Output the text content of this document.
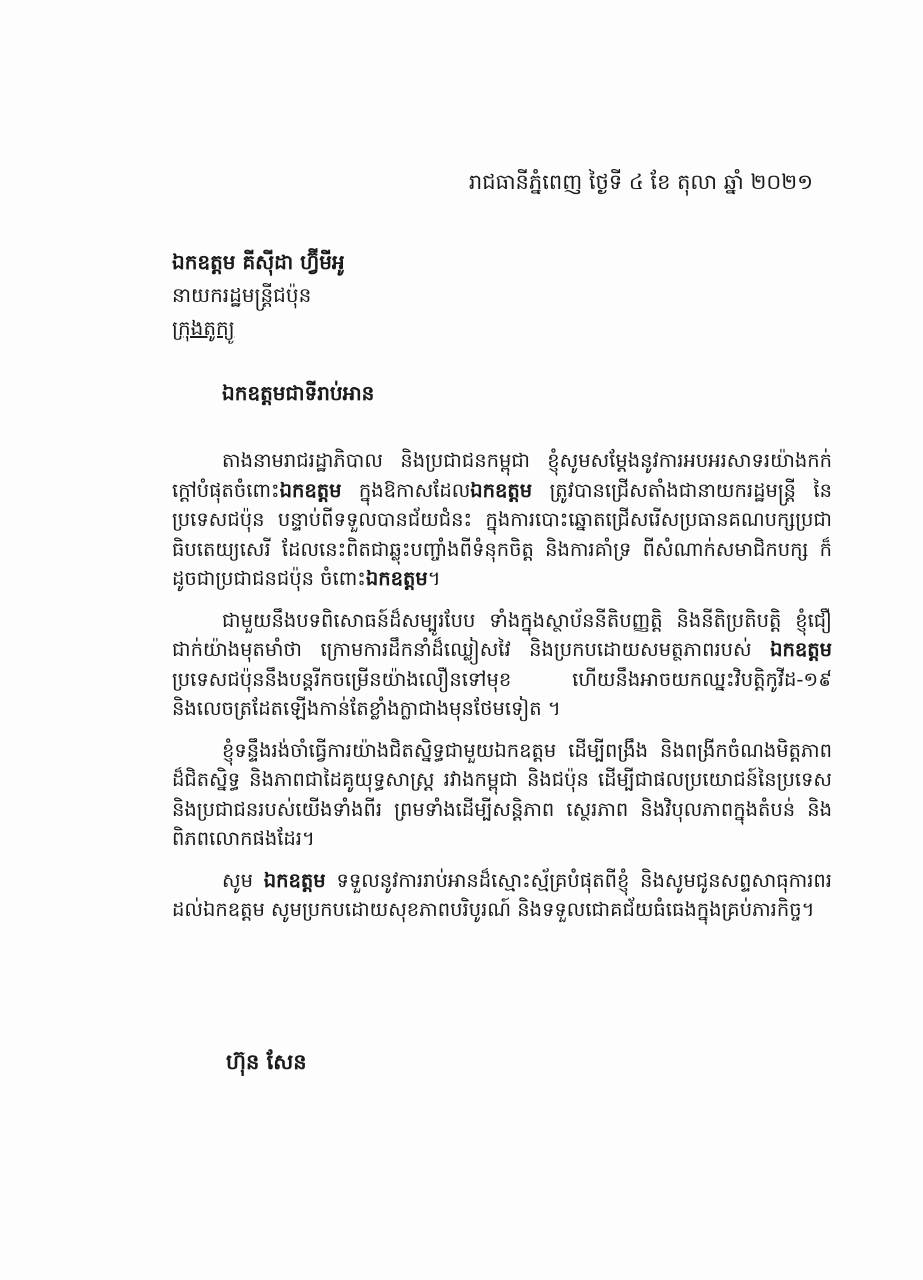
រាជធានីភ្នំពេញ ថ្ងៃទី ៤ ខែ តុលា ឆ្នាំ ២០២១
ឯកឧត្តម គីស៊ីដា ហ្វ៊ីមីអូ
នាយករដ្ឋមន្ត្រីជប៉ុន
ក្រុងតូក្យូ
ឯកឧត្តមជាទីរាប់អាន

តាងនាមរាជរដ្ឋាភិបាល និងប្រជាជនកម្ពុជា ខ្ញុំសូមសម្តែងនូវការអបអរសាទរយ៉ាងកក់ក្តៅបំផុតចំពោះឯកឧត្តម ក្នុងឱកាសដែលឯកឧត្តម ត្រូវបានជ្រើសតាំងជានាយករដ្ឋមន្ត្រី នៃប្រទេសជប៉ុន បន្ទាប់ពីទទួលបានជ័យជំនះ ក្នុងការបោះឆ្នោតជ្រើសរើសប្រធានគណបក្សប្រជាធិបតេយ្យសេរី ដែលនេះពិតជាឆ្លុះបញ្ចាំងពីទំនុកចិត្ត និងការគាំទ្រ ពីសំណាក់សមាជិកបក្ស ក៏ដូចជាប្រជាជនជប៉ុន ចំពោះឯកឧត្តម។

ជាមួយនឹងបទពិសោធន៍ដ៏សម្បូរបែប ទាំងក្នុងស្ថាប័ននីតិបញ្ញត្តិ និងនីតិប្រតិបត្តិ ខ្ញុំជឿជាក់យ៉ាងមុតមាំថា ក្រោមការដឹកនាំដ៏ឈ្លៀសវៃ និងប្រកបដោយសមត្ថភាពរបស់ ឯកឧត្តម ប្រទេសជប៉ុននឹងបន្តរីកចម្រើនយ៉ាងលឿនទៅមុខ ហើយនឹងអាចយកឈ្នះវិបត្តិកូវីដ-១៩ និងលេចត្រដែតឡើងកាន់តែខ្លាំងក្លាជាងមុនថែមទៀត ។

ខ្ញុំទន្ទឹងរង់ចាំធ្វើការយ៉ាងជិតស្និទ្ធជាមួយឯកឧត្តម ដើម្បីពង្រឹង និងពង្រីកចំណងមិត្តភាពដ៏ជិតស្និទ្ធ និងភាពជាដៃគូយុទ្ធសាស្ត្រ រវាងកម្ពុជា និងជប៉ុន ដើម្បីជាផលប្រយោជន៍នៃប្រទេស និងប្រជាជនរបស់យើងទាំងពីរ ព្រមទាំងដើម្បីសន្តិភាព ស្ថេរភាព និងវិបុលភាពក្នុងតំបន់ និងពិភពលោកផងដែរ។

សូម ឯកឧត្តម ទទួលនូវការរាប់អានដ៏ស្មោះស្ម័គ្របំផុតពីខ្ញុំ និងសូមជូនសព្ទសាធុការពរដល់ឯកឧត្តម សូមប្រកបដោយសុខភាពបរិបូរណ៍ និងទទួលជោគជ័យធំធេងក្នុងគ្រប់ភារកិច្ច។

ហ៊ុន សែន
